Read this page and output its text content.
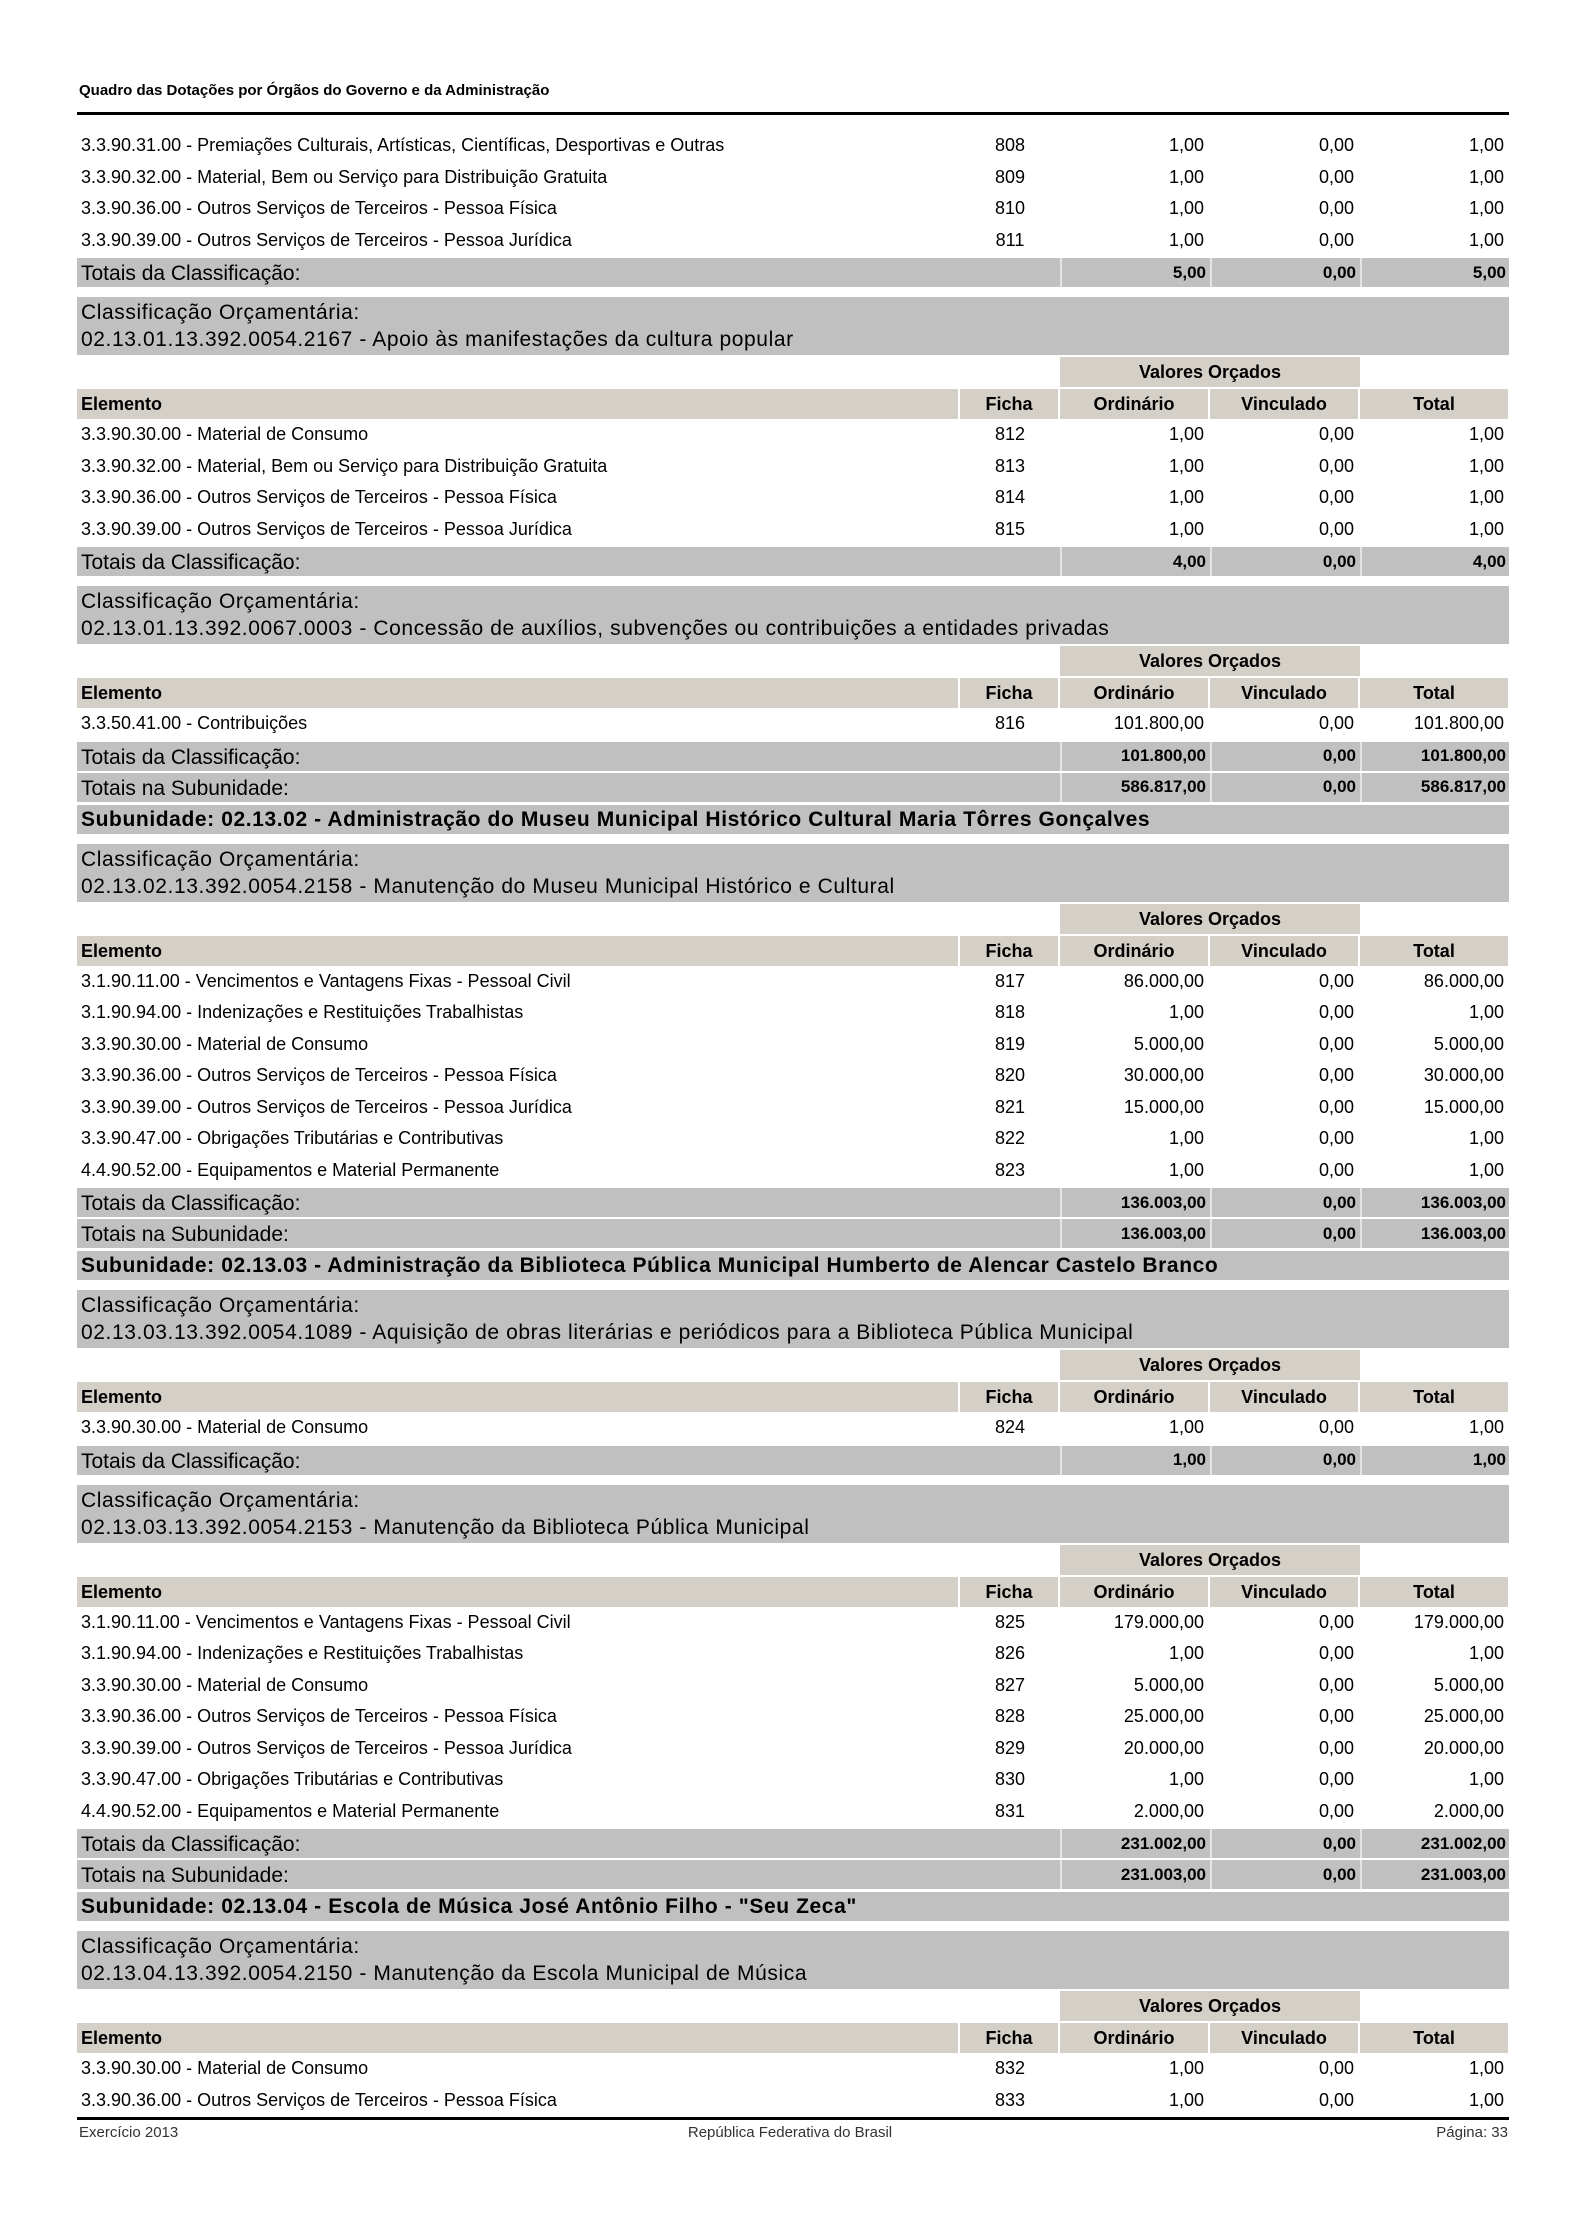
Quadro das Dotações por Órgãos do Governo e da Administração
3.3.90.31.00 - Premiações Culturais, Artísticas, Científicas, Desportivas e Outras	808	1,00	0,00	1,00
3.3.90.32.00 - Material, Bem ou Serviço para Distribuição Gratuita	809	1,00	0,00	1,00
3.3.90.36.00 - Outros Serviços de Terceiros - Pessoa Física	810	1,00	0,00	1,00
3.3.90.39.00 - Outros Serviços de Terceiros - Pessoa Jurídica	811	1,00	0,00	1,00
Totais da Classificação:	5,00	0,00	5,00
Classificação Orçamentária:
02.13.01.13.392.0054.2167 - Apoio às manifestações da cultura popular
Valores Orçados
Elemento	Ficha	Ordinário	Vinculado	Total
3.3.90.30.00 - Material de Consumo	812	1,00	0,00	1,00
3.3.90.32.00 - Material, Bem ou Serviço para Distribuição Gratuita	813	1,00	0,00	1,00
3.3.90.36.00 - Outros Serviços de Terceiros - Pessoa Física	814	1,00	0,00	1,00
3.3.90.39.00 - Outros Serviços de Terceiros - Pessoa Jurídica	815	1,00	0,00	1,00
Totais da Classificação:	4,00	0,00	4,00
Classificação Orçamentária:
02.13.01.13.392.0067.0003 - Concessão de auxílios, subvenções ou contribuições a entidades privadas
Valores Orçados
Elemento	Ficha	Ordinário	Vinculado	Total
3.3.50.41.00 - Contribuições	816	101.800,00	0,00	101.800,00
Totais da Classificação:	101.800,00	0,00	101.800,00
Totais na Subunidade:	586.817,00	0,00	586.817,00
Subunidade: 02.13.02 - Administração do Museu Municipal Histórico Cultural Maria Tôrres Gonçalves
Classificação Orçamentária:
02.13.02.13.392.0054.2158 - Manutenção do Museu Municipal Histórico e Cultural
Valores Orçados
Elemento	Ficha	Ordinário	Vinculado	Total
3.1.90.11.00 - Vencimentos e Vantagens Fixas - Pessoal Civil	817	86.000,00	0,00	86.000,00
3.1.90.94.00 - Indenizações e Restituições Trabalhistas	818	1,00	0,00	1,00
3.3.90.30.00 - Material de Consumo	819	5.000,00	0,00	5.000,00
3.3.90.36.00 - Outros Serviços de Terceiros - Pessoa Física	820	30.000,00	0,00	30.000,00
3.3.90.39.00 - Outros Serviços de Terceiros - Pessoa Jurídica	821	15.000,00	0,00	15.000,00
3.3.90.47.00 - Obrigações Tributárias e Contributivas	822	1,00	0,00	1,00
4.4.90.52.00 - Equipamentos e Material Permanente	823	1,00	0,00	1,00
Totais da Classificação:	136.003,00	0,00	136.003,00
Totais na Subunidade:	136.003,00	0,00	136.003,00
Subunidade: 02.13.03 - Administração da Biblioteca Pública Municipal Humberto de Alencar Castelo Branco
Classificação Orçamentária:
02.13.03.13.392.0054.1089 - Aquisição de obras literárias e periódicos para a Biblioteca Pública Municipal
Valores Orçados
Elemento	Ficha	Ordinário	Vinculado	Total
3.3.90.30.00 - Material de Consumo	824	1,00	0,00	1,00
Totais da Classificação:	1,00	0,00	1,00
Classificação Orçamentária:
02.13.03.13.392.0054.2153 - Manutenção da Biblioteca Pública Municipal
Valores Orçados
Elemento	Ficha	Ordinário	Vinculado	Total
3.1.90.11.00 - Vencimentos e Vantagens Fixas - Pessoal Civil	825	179.000,00	0,00	179.000,00
3.1.90.94.00 - Indenizações e Restituições Trabalhistas	826	1,00	0,00	1,00
3.3.90.30.00 - Material de Consumo	827	5.000,00	0,00	5.000,00
3.3.90.36.00 - Outros Serviços de Terceiros - Pessoa Física	828	25.000,00	0,00	25.000,00
3.3.90.39.00 - Outros Serviços de Terceiros - Pessoa Jurídica	829	20.000,00	0,00	20.000,00
3.3.90.47.00 - Obrigações Tributárias e Contributivas	830	1,00	0,00	1,00
4.4.90.52.00 - Equipamentos e Material Permanente	831	2.000,00	0,00	2.000,00
Totais da Classificação:	231.002,00	0,00	231.002,00
Totais na Subunidade:	231.003,00	0,00	231.003,00
Subunidade: 02.13.04 - Escola de Música José Antônio Filho - "Seu Zeca"
Classificação Orçamentária:
02.13.04.13.392.0054.2150 - Manutenção da Escola Municipal de Música
Valores Orçados
Elemento	Ficha	Ordinário	Vinculado	Total
3.3.90.30.00 - Material de Consumo	832	1,00	0,00	1,00
3.3.90.36.00 - Outros Serviços de Terceiros - Pessoa Física	833	1,00	0,00	1,00
Exercício 2013	República Federativa do Brasil	Página: 33
